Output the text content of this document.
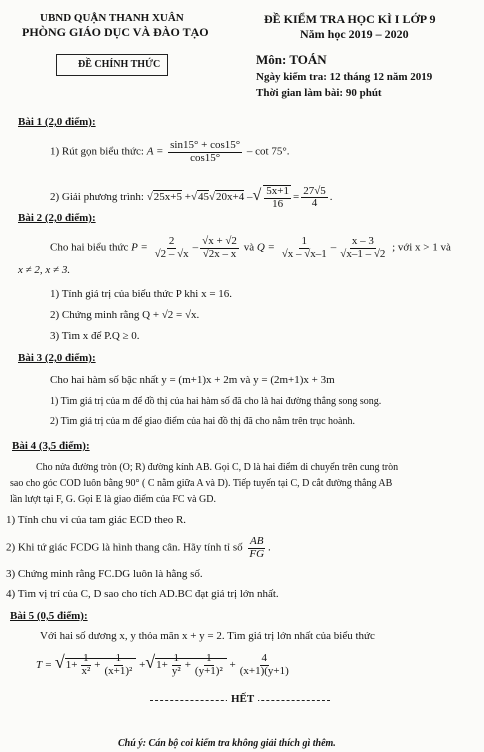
UBND QUẬN THANH XUÂN
PHÒNG GIÁO DỤC VÀ ĐÀO TẠO
ĐỀ CHÍNH THỨC
ĐỀ KIỂM TRA HỌC KÌ I LỚP 9
Năm học 2019 – 2020
Môn: TOÁN
Ngày kiểm tra: 12 tháng 12 năm 2019
Thời gian làm bài: 90 phút
Bài 1 (2,0 điểm):
1) Rút gọn biểu thức: $A = \frac{\sin 15^\circ + \cos 15^\circ}{\cos 15^\circ} - \cot 75^\circ$.
2) Giải phương trình: √ 25x+5 + √ 45 √ 20x+4 – √ $\frac{5x+1}{16} = \frac{27√5}{4}$ .
Bài 2 (2,0 điểm):
Cho hai biểu thức $P = \frac{2}{√2 - √x} - \frac{√x + √2}{√2x - x}$ và $Q = \frac{1}{√x - √x-1} - \frac{x - 3}{√x-1 - √2}$ ; với x > 1 và
x ≠ 2, x ≠ 3.
1) Tính giá trị của biểu thức P khi x = 16.
2) Chứng minh rằng Q + √2 = √x.
3) Tìm x để P.Q ≥ 0.
Bài 3 (2,0 điểm):
Cho hai hàm số bậc nhất y = (m+1)x + 2m và y = (2m+1)x + 3m
1) Tìm giá trị của m để đồ thị của hai hàm số đã cho là hai đường thẳng song song.
2) Tìm giá trị của m để giao điểm của hai đồ thị đã cho nằm trên trục hoành.
Bài 4 (3,5 điểm):
Cho nửa đường tròn (O; R) đường kính AB. Gọi C, D là hai điểm di chuyển trên cung tròn
sao cho góc COD luôn bằng 90° ( C nằm giữa A và D). Tiếp tuyến tại C, D cắt đường thẳng AB
lần lượt tại F, G. Gọi E là giao điểm của FC và GD.
1) Tính chu vi của tam giác ECD theo R.
2) Khi tứ giác FCDG là hình thang cân. Hãy tính tỉ số $\frac{AB}{FG}$ .
3) Chứng minh rằng FC.DG luôn là hằng số.
4) Tìm vị trí của C, D sao cho tích AD.BC đạt giá trị lớn nhất.
Bài 5 (0,5 điểm):
Với hai số dương x, y thỏa mãn x + y = 2. Tìm giá trị lớn nhất của biểu thức
T = √ $1+ \frac{1}{\text{x²}} + \frac{1}{\text{(x+1)²}}$ + √ $1+ \frac{1}{\text{y²}} + \frac{1}{\text{(y+1)²}} + \frac{4}{(x+1)(y+1)}$
HẾT
Chú ý: Cán bộ coi kiểm tra không giải thích gì thêm.
